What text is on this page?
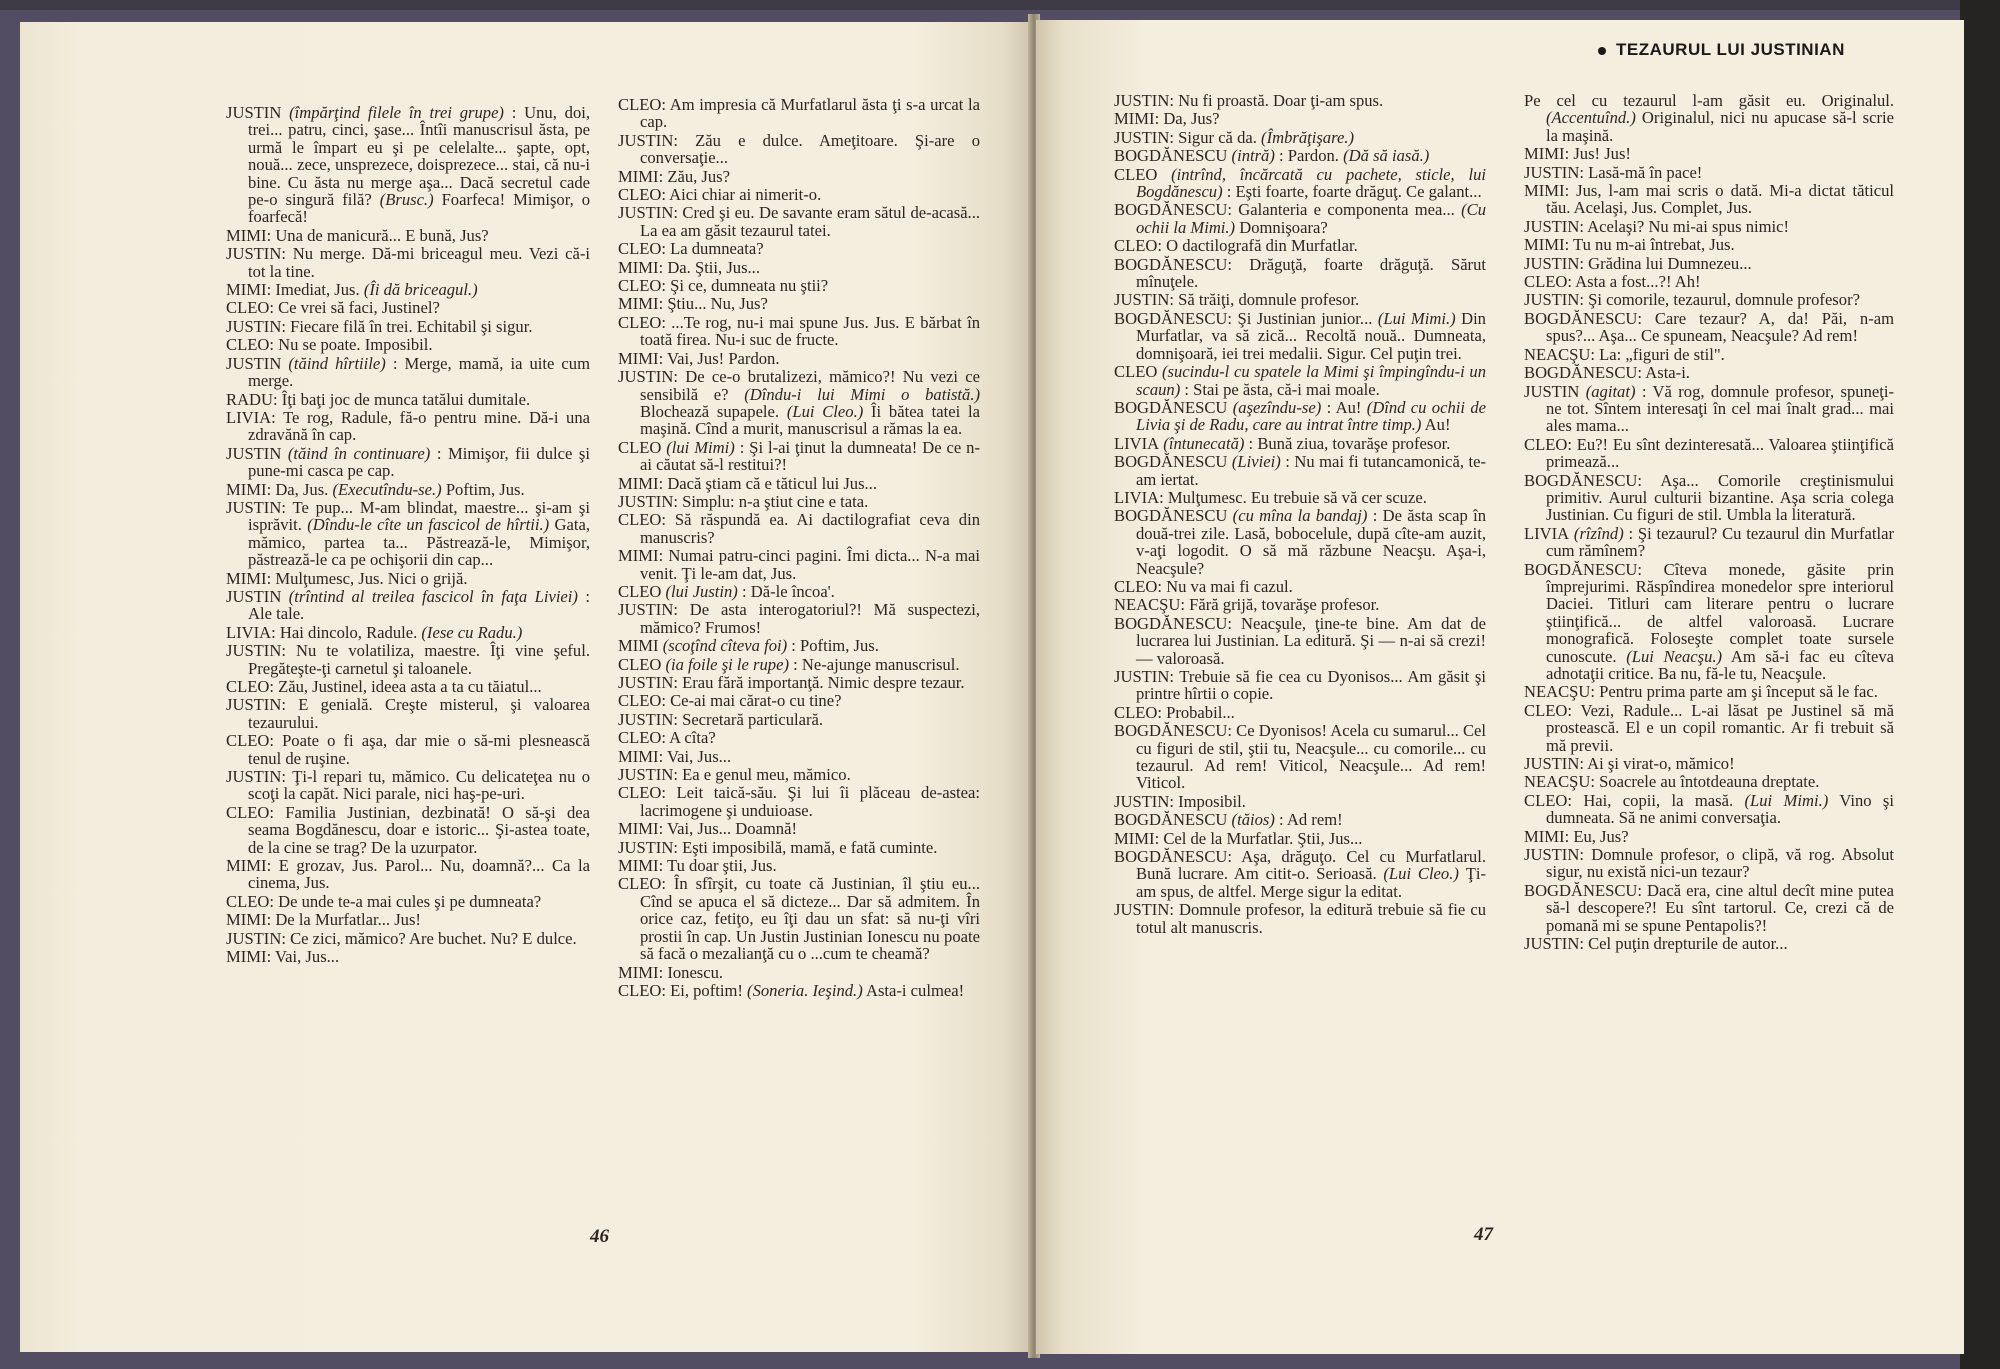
JUSTIN (împărţind filele în trei grupe) : Unu, doi, trei... patru, cinci, şase... Întîi manuscrisul ăsta, pe urmă le împart eu şi pe celelalte... şapte, opt, nouă... zece, unsprezece, doisprezece... stai, că nu-i bine. Cu ăsta nu merge aşa... Dacă secretul cade pe-o singură filă? (Brusc.) Foarfeca! Mimişor, o foarfecă!

MIMI: Una de manicură... E bună, Jus?

JUSTIN: Nu merge. Dă-mi briceagul meu. Vezi că-i tot la tine.

MIMI: Imediat, Jus. (Îi dă briceagul.)

CLEO: Ce vrei să faci, Justinel?

JUSTIN: Fiecare filă în trei. Echitabil şi sigur.

CLEO: Nu se poate. Imposibil.

JUSTIN (tăind hîrtiile) : Merge, mamă, ia uite cum merge.

RADU: Îţi baţi joc de munca tatălui dumitale.

LIVIA: Te rog, Radule, fă-o pentru mine. Dă-i una zdravănă în cap.

JUSTIN (tăind în continuare) : Mimişor, fii dulce şi pune-mi casca pe cap.

MIMI: Da, Jus. (Executîndu-se.) Poftim, Jus.

JUSTIN: Te pup... M-am blindat, maestre... şi-am şi isprăvit. (Dîndu-le cîte un fascicol de hîrtii.) Gata, mămico, partea ta... Păstrează-le, Mimişor, păstrează-le ca pe ochişorii din cap...

MIMI: Mulţumesc, Jus. Nici o grijă.

JUSTIN (trîntind al treilea fascicol în faţa Liviei) : Ale tale.

LIVIA: Hai dincolo, Radule. (Iese cu Radu.)

JUSTIN: Nu te volatiliza, maestre. Îţi vine şeful. Pregăteşte-ţi carnetul şi taloanele.

CLEO: Zău, Justinel, ideea asta a ta cu tăiatul...

JUSTIN: E genială. Creşte misterul, şi valoarea tezaurului.

CLEO: Poate o fi aşa, dar mie o să-mi plesnească tenul de ruşine.

JUSTIN: Ţi-l repari tu, mămico. Cu delicateţea nu o scoţi la capăt. Nici parale, nici haş-pe-uri.

CLEO: Familia Justinian, dezbinată! O să-şi dea seama Bogdănescu, doar e istoric... Şi-astea toate, de la cine se trag? De la uzurpator.

MIMI: E grozav, Jus. Parol... Nu, doamnă?... Ca la cinema, Jus.

CLEO: De unde te-a mai cules şi pe dumneata?

MIMI: De la Murfatlar... Jus!

JUSTIN: Ce zici, mămico? Are buchet. Nu? E dulce.

MIMI: Vai, Jus...

CLEO: Am impresia că Murfatlarul ăsta ţi s-a urcat la cap.

JUSTIN: Zău e dulce. Ameţitoare. Şi-are o conversaţie...

MIMI: Zău, Jus?

CLEO: Aici chiar ai nimerit-o.

JUSTIN: Cred şi eu. De savante eram sătul de-acasă... La ea am găsit tezaurul tatei.

CLEO: La dumneata?

MIMI: Da. Ştii, Jus...

CLEO: Şi ce, dumneata nu ştii?

MIMI: Ştiu... Nu, Jus?

CLEO: ...Te rog, nu-i mai spune Jus. Jus. E bărbat în toată firea. Nu-i suc de fructe.

MIMI: Vai, Jus! Pardon.

JUSTIN: De ce-o brutalizezi, mămico?! Nu vezi ce sensibilă e? (Dîndu-i lui Mimi o batistă.) Blochează supapele. (Lui Cleo.) Îi bătea tatei la maşină. Cînd a murit, manuscrisul a rămas la ea.

CLEO (lui Mimi) : Şi l-ai ţinut la dumneata! De ce n-ai căutat să-l restitui?!

MIMI: Dacă ştiam că e tăticul lui Jus...

JUSTIN: Simplu: n-a ştiut cine e tata.

CLEO: Să răspundă ea. Ai dactilografiat ceva din manuscris?

MIMI: Numai patru-cinci pagini. Îmi dicta... N-a mai venit. Ţi le-am dat, Jus.

CLEO (lui Justin) : Dă-le încoa'.

JUSTIN: De asta interogatoriul?! Mă suspectezi, mămico? Frumos!

MIMI (scoţînd cîteva foi) : Poftim, Jus.

CLEO (ia foile şi le rupe) : Ne-ajunge manuscrisul.

JUSTIN: Erau fără importanţă. Nimic despre tezaur.

CLEO: Ce-ai mai cărat-o cu tine?

JUSTIN: Secretară particulară.

CLEO: A cîta?

MIMI: Vai, Jus...

JUSTIN: Ea e genul meu, mămico.

CLEO: Leit taică-său. Şi lui îi plăceau de-astea: lacrimogene şi unduioase.

MIMI: Vai, Jus... Doamnă!

JUSTIN: Eşti imposibilă, mamă, e fată cuminte.

MIMI: Tu doar ştii, Jus.

CLEO: În sfîrşit, cu toate că Justinian, îl ştiu eu... Cînd se apuca el să dicteze... Dar să admitem. În orice caz, fetiţo, eu îţi dau un sfat: să nu-ţi vîri prostii în cap. Un Justin Justinian Ionescu nu poate să facă o mezalianţă cu o ...cum te cheamă?

MIMI: Ionescu.

CLEO: Ei, poftim! (Soneria. Ieşind.) Asta-i culmea!

46

JUSTIN: Nu fi proastă. Doar ţi-am spus.

MIMI: Da, Jus?

JUSTIN: Sigur că da. (Îmbrăţişare.)

BOGDĂNESCU (intră) : Pardon. (Dă să iasă.)

CLEO (intrînd, încărcată cu pachete, sticle, lui Bogdănescu) : Eşti foarte, foarte drăguţ. Ce galant...

BOGDĂNESCU: Galanteria e componenta mea... (Cu ochii la Mimi.) Domnişoara?

CLEO: O dactilografă din Murfatlar.

BOGDĂNESCU: Drăguţă, foarte drăguţă. Sărut mînuţele.

JUSTIN: Să trăiţi, domnule profesor.

BOGDĂNESCU: Şi Justinian junior... (Lui Mimi.) Din Murfatlar, va să zică... Recoltă nouă.. Dumneata, domnişoară, iei trei medalii. Sigur. Cel puţin trei.

CLEO (sucindu-l cu spatele la Mimi şi împingîndu-i un scaun) : Stai pe ăsta, că-i mai moale.

BOGDĂNESCU (aşezîndu-se) : Au! (Dînd cu ochii de Livia şi de Radu, care au intrat între timp.) Au!

LIVIA (întunecată) : Bună ziua, tovarăşe profesor.

BOGDĂNESCU (Liviei) : Nu mai fi tutancamonică, te-am iertat.

LIVIA: Mulţumesc. Eu trebuie să vă cer scuze.

BOGDĂNESCU (cu mîna la bandaj) : De ăsta scap în două-trei zile. Lasă, bobocelule, după cîte-am auzit, v-aţi logodit. O să mă răzbune Neacşu. Aşa-i, Neacşule?

CLEO: Nu va mai fi cazul.

NEACŞU: Fără grijă, tovarăşe profesor.

BOGDĂNESCU: Neacşule, ţine-te bine. Am dat de lucrarea lui Justinian. La editură. Şi — n-ai să crezi! — valoroasă.

JUSTIN: Trebuie să fie cea cu Dyonisos... Am găsit şi printre hîrtii o copie.

CLEO: Probabil...

BOGDĂNESCU: Ce Dyonisos! Acela cu sumarul... Cel cu figuri de stil, ştii tu, Neacşule... cu comorile... cu tezaurul. Ad rem! Viticol, Neacşule... Ad rem! Viticol.

JUSTIN: Imposibil.

BOGDĂNESCU (tăios) : Ad rem!

MIMI: Cel de la Murfatlar. Ştii, Jus...

BOGDĂNESCU: Aşa, drăguţo. Cel cu Murfatlarul. Bună lucrare. Am citit-o. Serioasă. (Lui Cleo.) Ţi-am spus, de altfel. Merge sigur la editat.

JUSTIN: Domnule profesor, la editură trebuie să fie cu totul alt manuscris.

Pe cel cu tezaurul l-am găsit eu. Originalul. (Accentuînd.) Originalul, nici nu apucase să-l scrie la maşină.

MIMI: Jus! Jus!

JUSTIN: Lasă-mă în pace!

MIMI: Jus, l-am mai scris o dată. Mi-a dictat tăticul tău. Acelaşi, Jus. Complet, Jus.

JUSTIN: Acelaşi? Nu mi-ai spus nimic!

MIMI: Tu nu m-ai întrebat, Jus.

JUSTIN: Grădina lui Dumnezeu...

CLEO: Asta a fost...?! Ah!

JUSTIN: Şi comorile, tezaurul, domnule profesor?

BOGDĂNESCU: Care tezaur? A, da! Păi, n-am spus?... Aşa... Ce spuneam, Neacşule? Ad rem!

NEACŞU: La: „figuri de stil".

BOGDĂNESCU: Asta-i.

JUSTIN (agitat) : Vă rog, domnule profesor, spuneţi-ne tot. Sîntem interesaţi în cel mai înalt grad... mai ales mama...

CLEO: Eu?! Eu sînt dezinteresată... Valoarea ştiinţifică primează...

BOGDĂNESCU: Aşa... Comorile creştinismului primitiv. Aurul culturii bizantine. Aşa scria colega Justinian. Cu figuri de stil. Umbla la literatură.

LIVIA (rîzînd) : Şi tezaurul? Cu tezaurul din Murfatlar cum rămînem?

BOGDĂNESCU: Cîteva monede, găsite prin împrejurimi. Răspîndirea monedelor spre interiorul Daciei. Titluri cam literare pentru o lucrare ştiinţifică... de altfel valoroasă. Lucrare monografică. Foloseşte complet toate sursele cunoscute. (Lui Neacşu.) Am să-i fac eu cîteva adnotaţii critice. Ba nu, fă-le tu, Neacşule.

NEACŞU: Pentru prima parte am şi început să le fac.

CLEO: Vezi, Radule... L-ai lăsat pe Justinel să mă prostească. El e un copil romantic. Ar fi trebuit să mă previi.

JUSTIN: Ai şi virat-o, mămico!

NEACŞU: Soacrele au întotdeauna dreptate.

CLEO: Hai, copii, la masă. (Lui Mimi.) Vino şi dumneata. Să ne animi conversaţia.

MIMI: Eu, Jus?

JUSTIN: Domnule profesor, o clipă, vă rog. Absolut sigur, nu există nici-un tezaur?

BOGDĂNESCU: Dacă era, cine altul decît mine putea să-l descopere?! Eu sînt tartorul. Ce, crezi că de pomană mi se spune Pentapolis?!

JUSTIN: Cel puţin drepturile de autor...

47
TEZAURUL LUI JUSTINIAN
